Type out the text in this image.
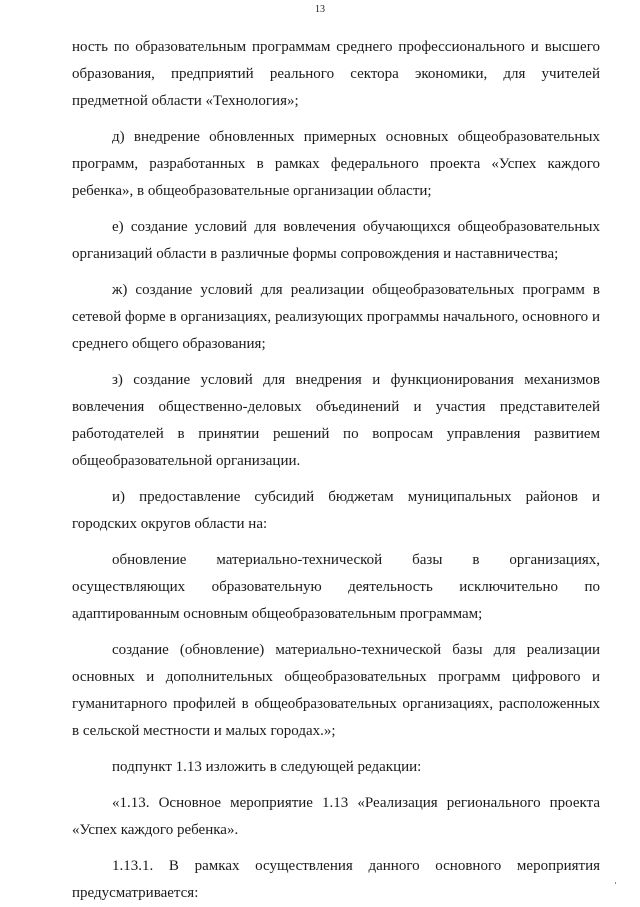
13

ность по образовательным программам среднего профессионального и высшего образования, предприятий реального сектора экономики, для учителей предметной области «Технология»;

д) внедрение обновленных примерных основных общеобразовательных программ, разработанных в рамках федерального проекта «Успех каждого ребенка», в общеобразовательные организации области;

е) создание условий для вовлечения обучающихся общеобразовательных организаций области в различные формы сопровождения и наставничества;

ж) создание условий для реализации общеобразовательных программ в сетевой форме в организациях, реализующих программы начального, основного и среднего общего образования;

з) создание условий для внедрения и функционирования механизмов вовлечения общественно-деловых объединений и участия представителей работодателей в принятии решений по вопросам управления развитием общеобразовательной организации.

и) предоставление субсидий бюджетам муниципальных районов и городских округов области на:

обновление материально-технической базы в организациях, осуществляющих образовательную деятельность исключительно по адаптированным основным общеобразовательным программам;

создание (обновление) материально-технической базы для реализации основных и дополнительных общеобразовательных программ цифрового и гуманитарного профилей в общеобразовательных организациях, расположенных в сельской местности и малых городах.»;

подпункт 1.13 изложить в следующей редакции:

«1.13. Основное мероприятие 1.13 «Реализация регионального проекта «Успех каждого ребенка».

1.13.1. В рамках осуществления данного основного мероприятия предусматривается:
